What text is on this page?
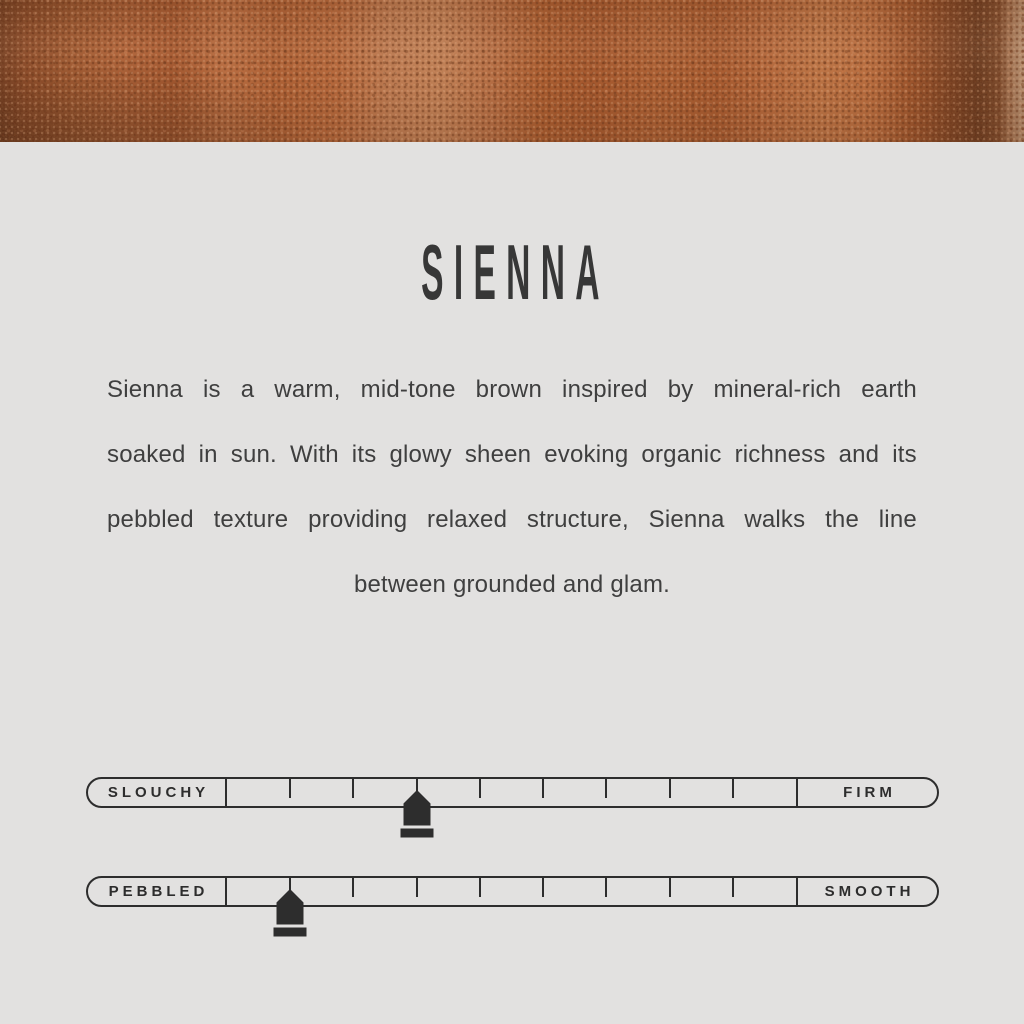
SIENNA
Sienna is a warm, mid-tone brown inspired by mineral-rich earth
soaked in sun. With its glowy sheen evoking organic richness and its
pebbled texture providing relaxed structure, Sienna walks the line
between grounded and glam.
SLOUCHY	FIRM
PEBBLED	SMOOTH
